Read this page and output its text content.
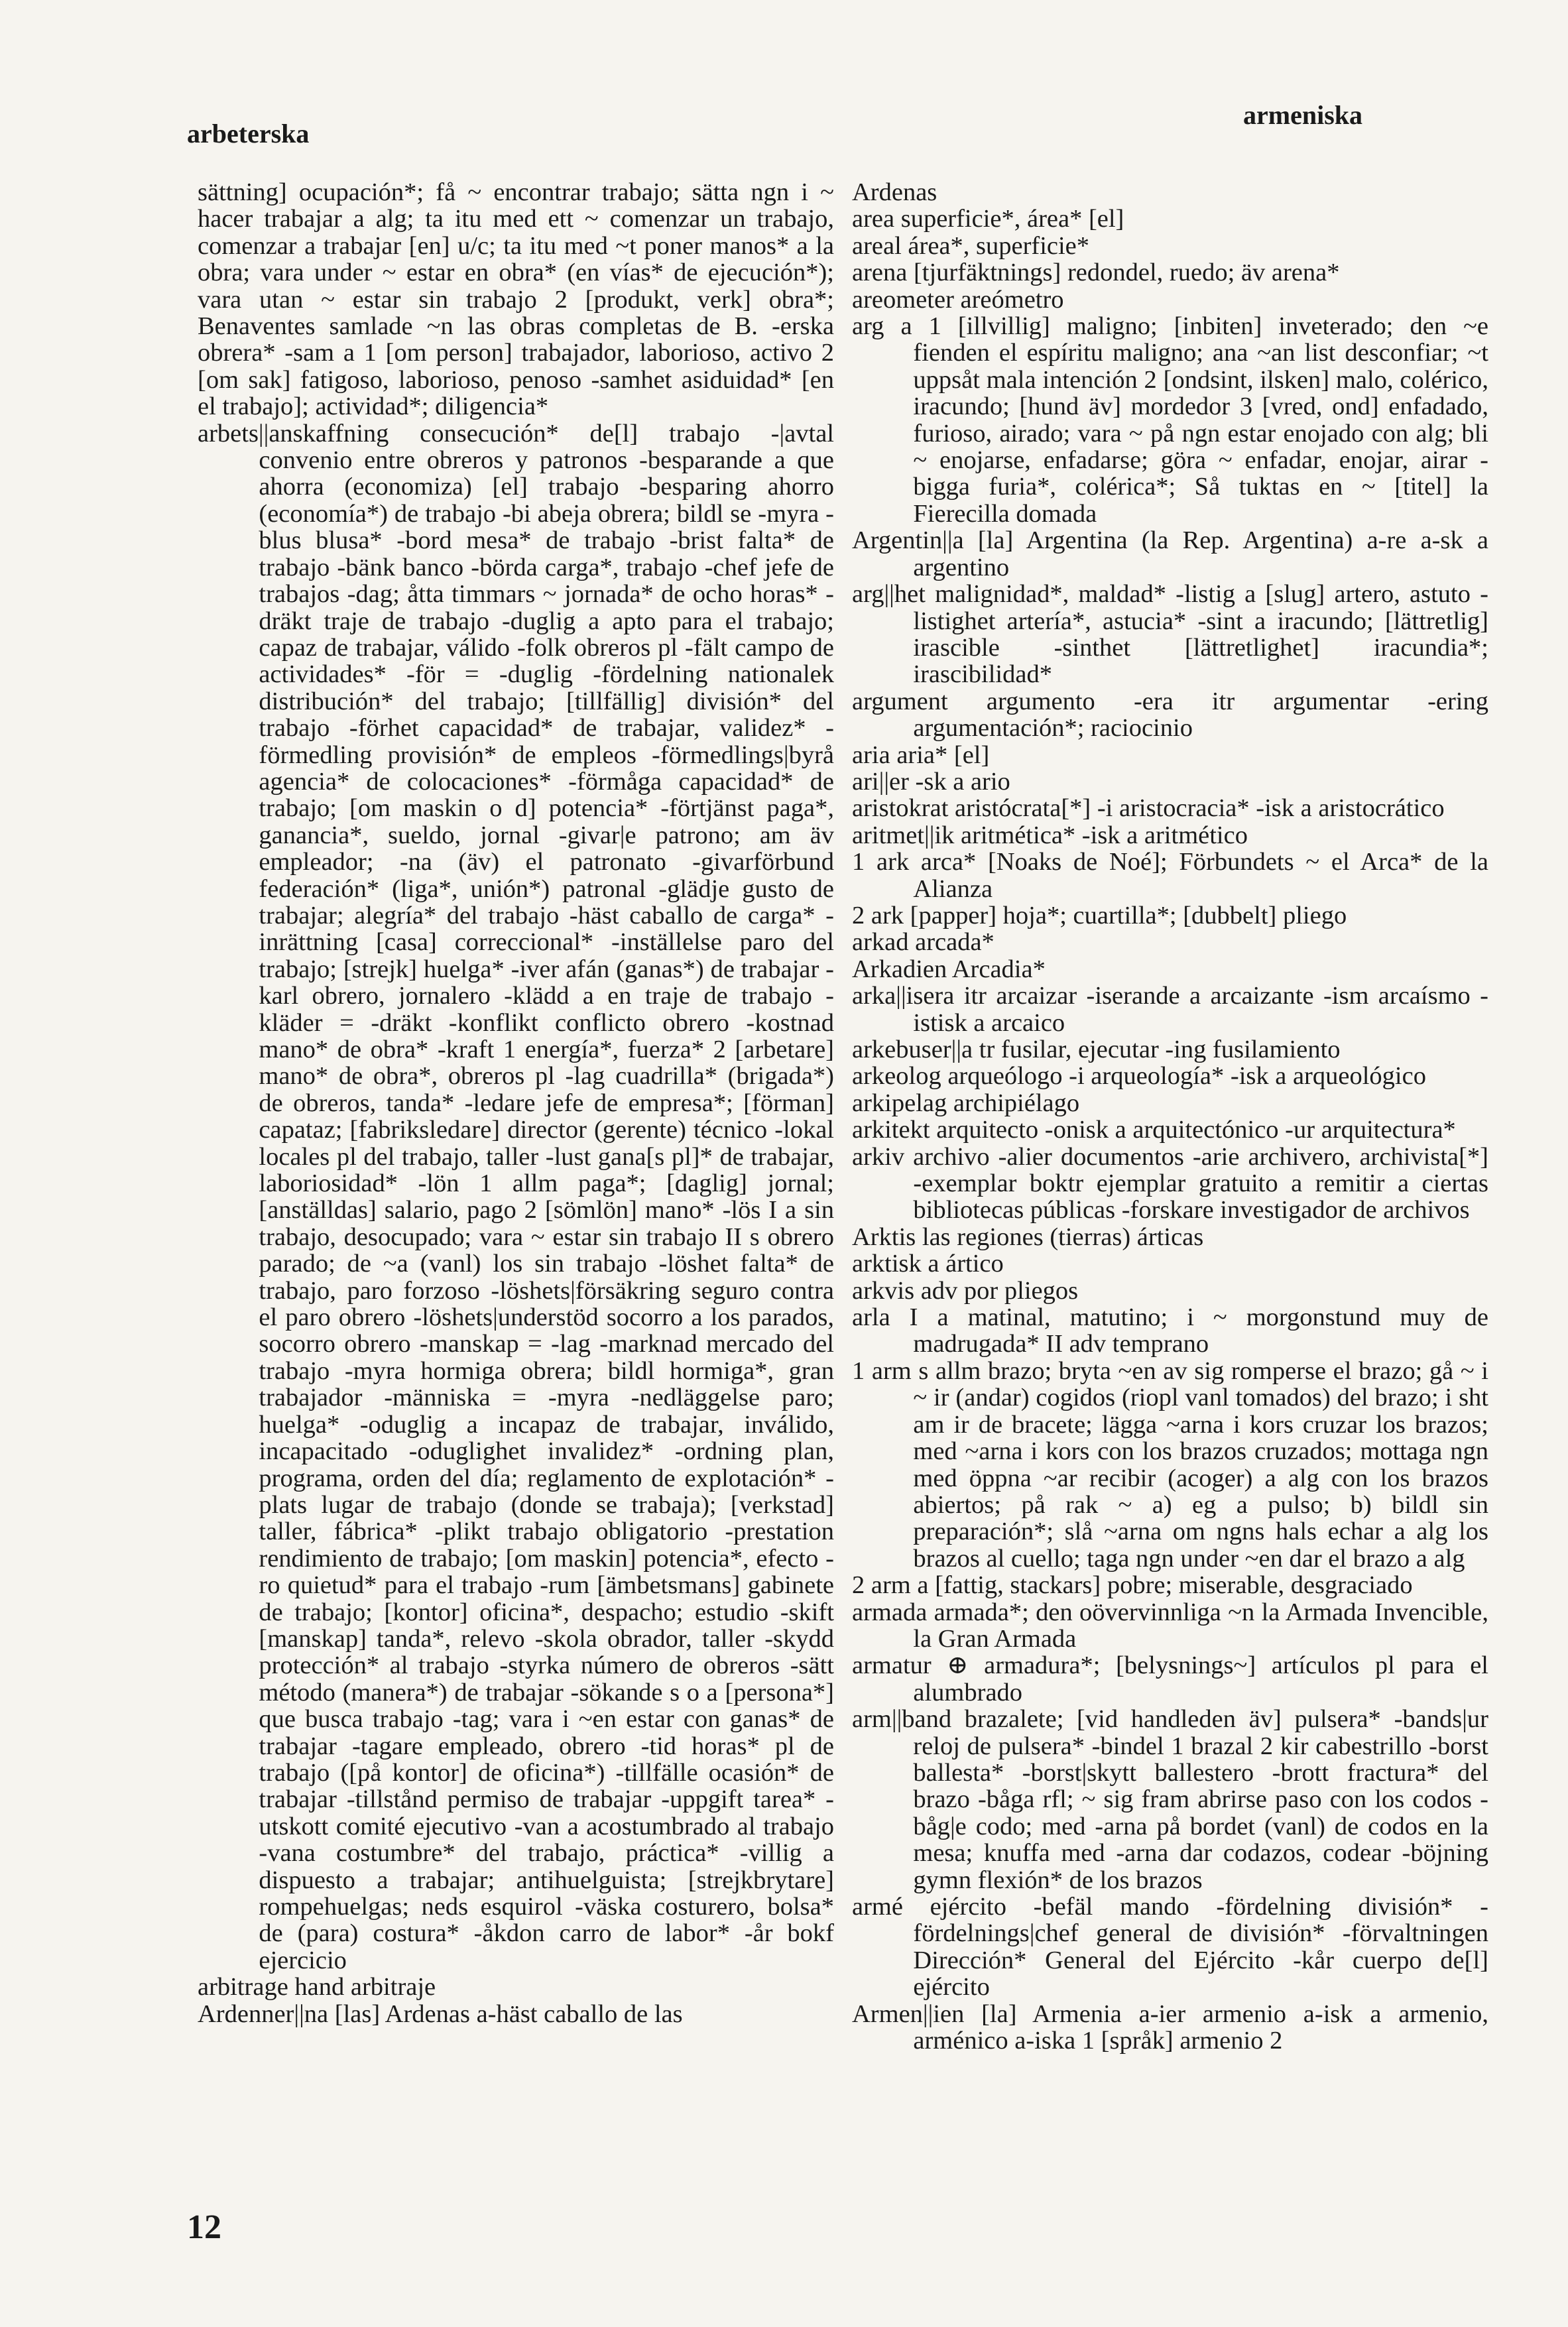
arbeterska
armeniska

sättning] ocupación*; få ~ encontrar trabajo; sätta ngn i ~ hacer trabajar a alg; ta itu med ett ~ comenzar un trabajo, comenzar a trabajar [en] u/c; ta itu med ~t poner manos* a la obra; vara under ~ estar en obra* (en vías* de ejecución*); vara utan ~ estar sin trabajo 2 [produkt, verk] obra*; Benaventes samlade ~n las obras completas de B. -erska obrera* -sam a 1 [om person] trabajador, laborioso, activo 2 [om sak] fatigoso, laborioso, penoso -samhet asiduidad* [en el trabajo]; actividad*; diligencia*

arbets||anskaffning consecución* de[l] trabajo -|avtal convenio entre obreros y patronos -besparande a que ahorra (economiza) [el] trabajo -besparing ahorro (economía*) de trabajo -bi abeja obrera; bildl se -myra -blus blusa* -bord mesa* de trabajo -brist falta* de trabajo -bänk banco -börda carga*, trabajo -chef jefe de trabajos -dag; åtta timmars ~ jornada* de ocho horas* -dräkt traje de trabajo -duglig a apto para el trabajo; capaz de trabajar, válido -folk obreros pl -fält campo de actividades* -för = -duglig -fördelning nationalek distribución* del trabajo; [tillfällig] división* del trabajo -förhet capacidad* de trabajar, validez* -förmedling provisión* de empleos -förmedlings|byrå agencia* de colocaciones* -förmåga capacidad* de trabajo; [om maskin o d] potencia* -förtjänst paga*, ganancia*, sueldo, jornal -givar|e patrono; am äv empleador; -na (äv) el patronato -givarförbund federación* (liga*, unión*) patronal -glädje gusto de trabajar; alegría* del trabajo -häst caballo de carga* -inrättning [casa] correccional* -inställelse paro del trabajo; [strejk] huelga* -iver afán (ganas*) de trabajar -karl obrero, jornalero -klädd a en traje de trabajo -kläder = -dräkt -konflikt conflicto obrero -kostnad mano* de obra* -kraft 1 energía*, fuerza* 2 [arbetare] mano* de obra*, obreros pl -lag cuadrilla* (brigada*) de obreros, tanda* -ledare jefe de empresa*; [förman] capataz; [fabriksledare] director (gerente) técnico -lokal locales pl del trabajo, taller -lust gana[s pl]* de trabajar, laboriosidad* -lön 1 allm paga*; [daglig] jornal; [anställdas] salario, pago 2 [sömlön] mano* -lös I a sin trabajo, desocupado; vara ~ estar sin trabajo II s obrero parado; de ~a (vanl) los sin trabajo -löshet falta* de trabajo, paro forzoso -löshets|försäkring seguro contra el paro obrero -löshets|understöd socorro a los parados, socorro obrero -manskap = -lag -marknad mercado del trabajo -myra hormiga obrera; bildl hormiga*, gran trabajador -människa = -myra -nedläggelse paro; huelga* -oduglig a incapaz de trabajar, inválido, incapacitado -oduglighet invalidez* -ordning plan, programa, orden del día; reglamento de explotación* -plats lugar de trabajo (donde se trabaja); [verkstad] taller, fábrica* -plikt trabajo obligatorio -prestation rendimiento de trabajo; [om maskin] potencia*, efecto -ro quietud* para el trabajo -rum [ämbetsmans] gabinete de trabajo; [kontor] oficina*, despacho; estudio -skift [manskap] tanda*, relevo -skola obrador, taller -skydd protección* al trabajo -styrka número de obreros -sätt método (manera*) de trabajar -sökande s o a [persona*] que busca trabajo -tag; vara i ~en estar con ganas* de trabajar -tagare empleado, obrero -tid horas* pl de trabajo ([på kontor] de oficina*) -tillfälle ocasión* de trabajar -tillstånd permiso de trabajar -uppgift tarea* -utskott comité ejecutivo -van a acostumbrado al trabajo -vana costumbre* del trabajo, práctica* -villig a dispuesto a trabajar; antihuelguista; [strejkbrytare] rompehuelgas; neds esquirol -väska costurero, bolsa* de (para) costura* -åkdon carro de labor* -år bokf ejercicio

arbitrage hand arbitraje

Ardenner||na [las] Ardenas a-häst caballo de las

Ardenas

area superficie*, área* [el]

areal área*, superficie*

arena [tjurfäktnings] redondel, ruedo; äv arena*

areometer areómetro

arg a 1 [illvillig] maligno; [inbiten] inveterado; den ~e fienden el espíritu maligno; ana ~an list desconfiar; ~t uppsåt mala intención 2 [ondsint, ilsken] malo, colérico, iracundo; [hund äv] mordedor 3 [vred, ond] enfadado, furioso, airado; vara ~ på ngn estar enojado con alg; bli ~ enojarse, enfadarse; göra ~ enfadar, enojar, airar -bigga furia*, colérica*; Så tuktas en ~ [titel] la Fierecilla domada

Argentin||a [la] Argentina (la Rep. Argentina) a-re a-sk a argentino

arg||het malignidad*, maldad* -listig a [slug] artero, astuto -listighet artería*, astucia* -sint a iracundo; [lättretlig] irascible -sinthet [lättretlighet] iracundia*; irascibilidad*

argument argumento -era itr argumentar -ering argumentación*; raciocinio

aria aria* [el]

ari||er -sk a ario

aristokrat aristócrata[*] -i aristocracia* -isk a aristocrático

aritmet||ik aritmética* -isk a aritmético

1 ark arca* [Noaks de Noé]; Förbundets ~ el Arca* de la Alianza

2 ark [papper] hoja*; cuartilla*; [dubbelt] pliego

arkad arcada*

Arkadien Arcadia*

arka||isera itr arcaizar -iserande a arcaizante -ism arcaísmo -istisk a arcaico

arkebuser||a tr fusilar, ejecutar -ing fusilamiento

arkeolog arqueólogo -i arqueología* -isk a arqueológico

arkipelag archipiélago

arkitekt arquitecto -onisk a arquitectónico -ur arquitectura*

arkiv archivo -alier documentos -arie archivero, archivista[*] -exemplar boktr ejemplar gratuito a remitir a ciertas bibliotecas públicas -forskare investigador de archivos

Arktis las regiones (tierras) árticas

arktisk a ártico

arkvis adv por pliegos

arla I a matinal, matutino; i ~ morgonstund muy de madrugada* II adv temprano

1 arm s allm brazo; bryta ~en av sig romperse el brazo; gå ~ i ~ ir (andar) cogidos (riopl vanl tomados) del brazo; i sht am ir de bracete; lägga ~arna i kors cruzar los brazos; med ~arna i kors con los brazos cruzados; mottaga ngn med öppna ~ar recibir (acoger) a alg con los brazos abiertos; på rak ~ a) eg a pulso; b) bildl sin preparación*; slå ~arna om ngns hals echar a alg los brazos al cuello; taga ngn under ~en dar el brazo a alg

2 arm a [fattig, stackars] pobre; miserable, desgraciado

armada armada*; den oövervinnliga ~n la Armada Invencible, la Gran Armada

armatur ⊕ armadura*; [belysnings~] artículos pl para el alumbrado

arm||band brazalete; [vid handleden äv] pulsera* -bands|ur reloj de pulsera* -bindel 1 brazal 2 kir cabestrillo -borst ballesta* -borst|skytt ballestero -brott fractura* del brazo -båga rfl; ~ sig fram abrirse paso con los codos -båg|e codo; med -arna på bordet (vanl) de codos en la mesa; knuffa med -arna dar codazos, codear -böjning gymn flexión* de los brazos

armé ejército -befäl mando -fördelning división* -fördelnings|chef general de división* -förvaltningen Dirección* General del Ejército -kår cuerpo de[l] ejército

Armen||ien [la] Armenia a-ier armenio a-isk a armenio, arménico a-iska 1 [språk] armenio 2

12
